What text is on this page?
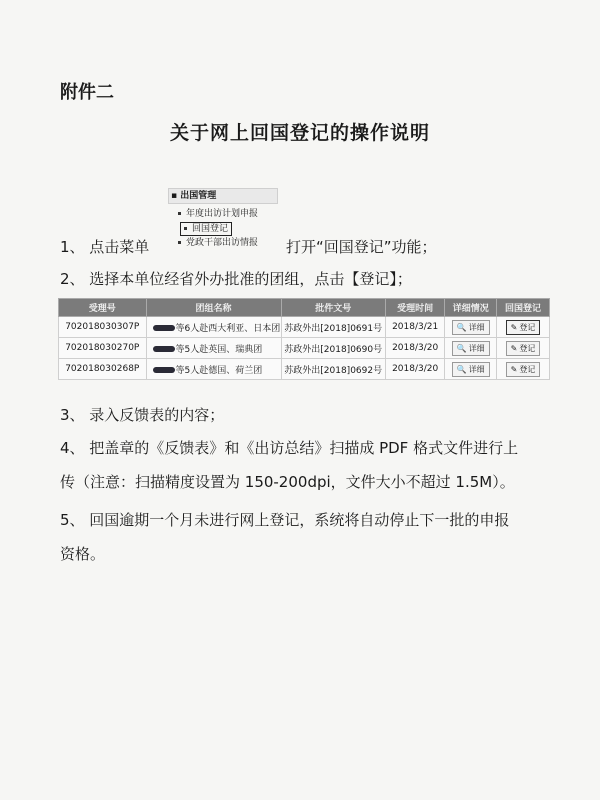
附件二
关于网上回国登记的操作说明
▪ 出国管理
年度出访计划申报
回国登记
党政干部出访情报
1、 点击菜单	打开“回国登记”功能；
2、 选择本单位经省外办批准的团组，点击【登记】；
受理号	团组名称	批件文号	受理时间	详细情况	回国登记
702018030307P	等6人赴西大利亚、日本团	苏政外出[2018]0691号	2018/3/21	🔍 详细	✎ 登记
702018030270P	等5人赴英国、瑞典团	苏政外出[2018]0690号	2018/3/20	🔍 详细	✎ 登记
702018030268P	等5人赴德国、荷兰团	苏政外出[2018]0692号	2018/3/20	🔍 详细	✎ 登记
3、 录入反馈表的内容；
4、 把盖章的《反馈表》和《出访总结》扫描成 PDF 格式文件进行上
传（注意：扫描精度设置为 150-200dpi，文件大小不超过 1.5M）。
5、 回国逾期一个月未进行网上登记，系统将自动停止下一批的申报
资格。
